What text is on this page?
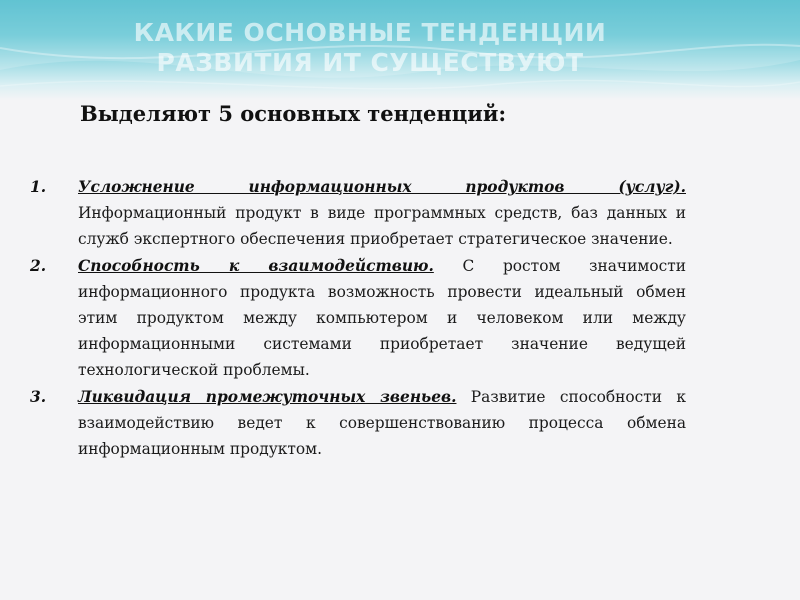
КАКИЕ ОСНОВНЫЕ ТЕНДЕНЦИИ
РАЗВИТИЯ ИТ СУЩЕСТВУЮТ
Выделяют 5 основных тенденций:
1. Усложнение информационных продуктов (услуг). Информационный продукт в виде программных средств, баз данных и служб экспертного обеспечения приобретает стратегическое значение.
2. Способность к взаимодействию. С ростом значимости информационного продукта возможность провести идеальный обмен этим продуктом между компьютером и человеком или между информационными системами приобретает значение ведущей технологической проблемы.
3. Ликвидация промежуточных звеньев. Развитие способности к взаимодействию ведет к совершенствованию процесса обмена информационным продуктом.
